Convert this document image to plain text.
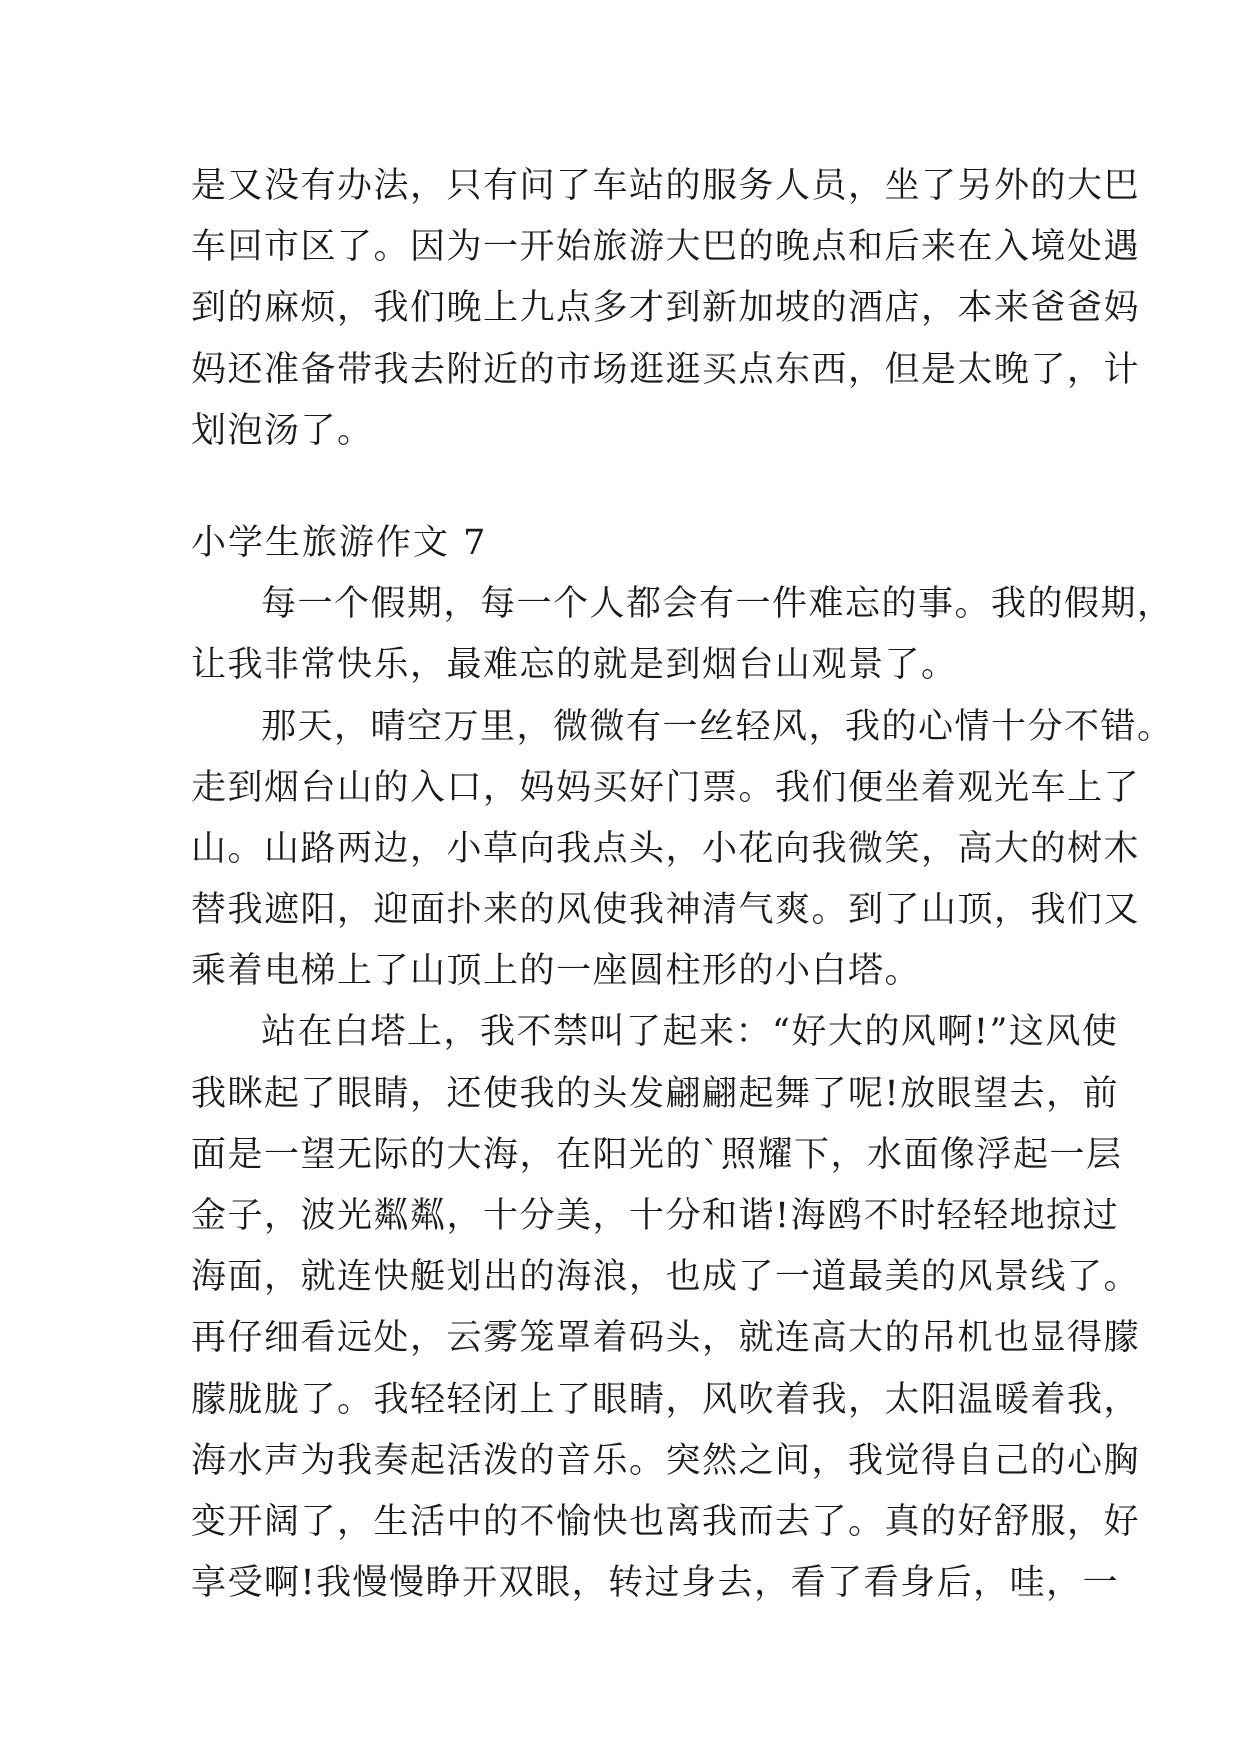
是又没有办法，只有问了车站的服务人员，坐了另外的大巴
车回市区了。因为一开始旅游大巴的晚点和后来在入境处遇
到的麻烦，我们晚上九点多才到新加坡的酒店，本来爸爸妈
妈还准备带我去附近的市场逛逛买点东西，但是太晚了，计
划泡汤了。
小学生旅游作文 7
每一个假期，每一个人都会有一件难忘的事。我的假期，
让我非常快乐，最难忘的就是到烟台山观景了。
那天，晴空万里，微微有一丝轻风，我的心情十分不错。
走到烟台山的入口，妈妈买好门票。我们便坐着观光车上了
山。山路两边，小草向我点头，小花向我微笑，高大的树木
替我遮阳，迎面扑来的风使我神清气爽。到了山顶，我们又
乘着电梯上了山顶上的一座圆柱形的小白塔。
站在白塔上，我不禁叫了起来：“好大的风啊!”这风使
我眯起了眼睛，还使我的头发翩翩起舞了呢!放眼望去，前
面是一望无际的大海，在阳光的`照耀下，水面像浮起一层
金子，波光粼粼，十分美，十分和谐!海鸥不时轻轻地掠过
海面，就连快艇划出的海浪，也成了一道最美的风景线了。
再仔细看远处，云雾笼罩着码头，就连高大的吊机也显得朦
朦胧胧了。我轻轻闭上了眼睛，风吹着我，太阳温暖着我，
海水声为我奏起活泼的音乐。突然之间，我觉得自己的心胸
变开阔了，生活中的不愉快也离我而去了。真的好舒服，好
享受啊!我慢慢睁开双眼，转过身去，看了看身后，哇，一
